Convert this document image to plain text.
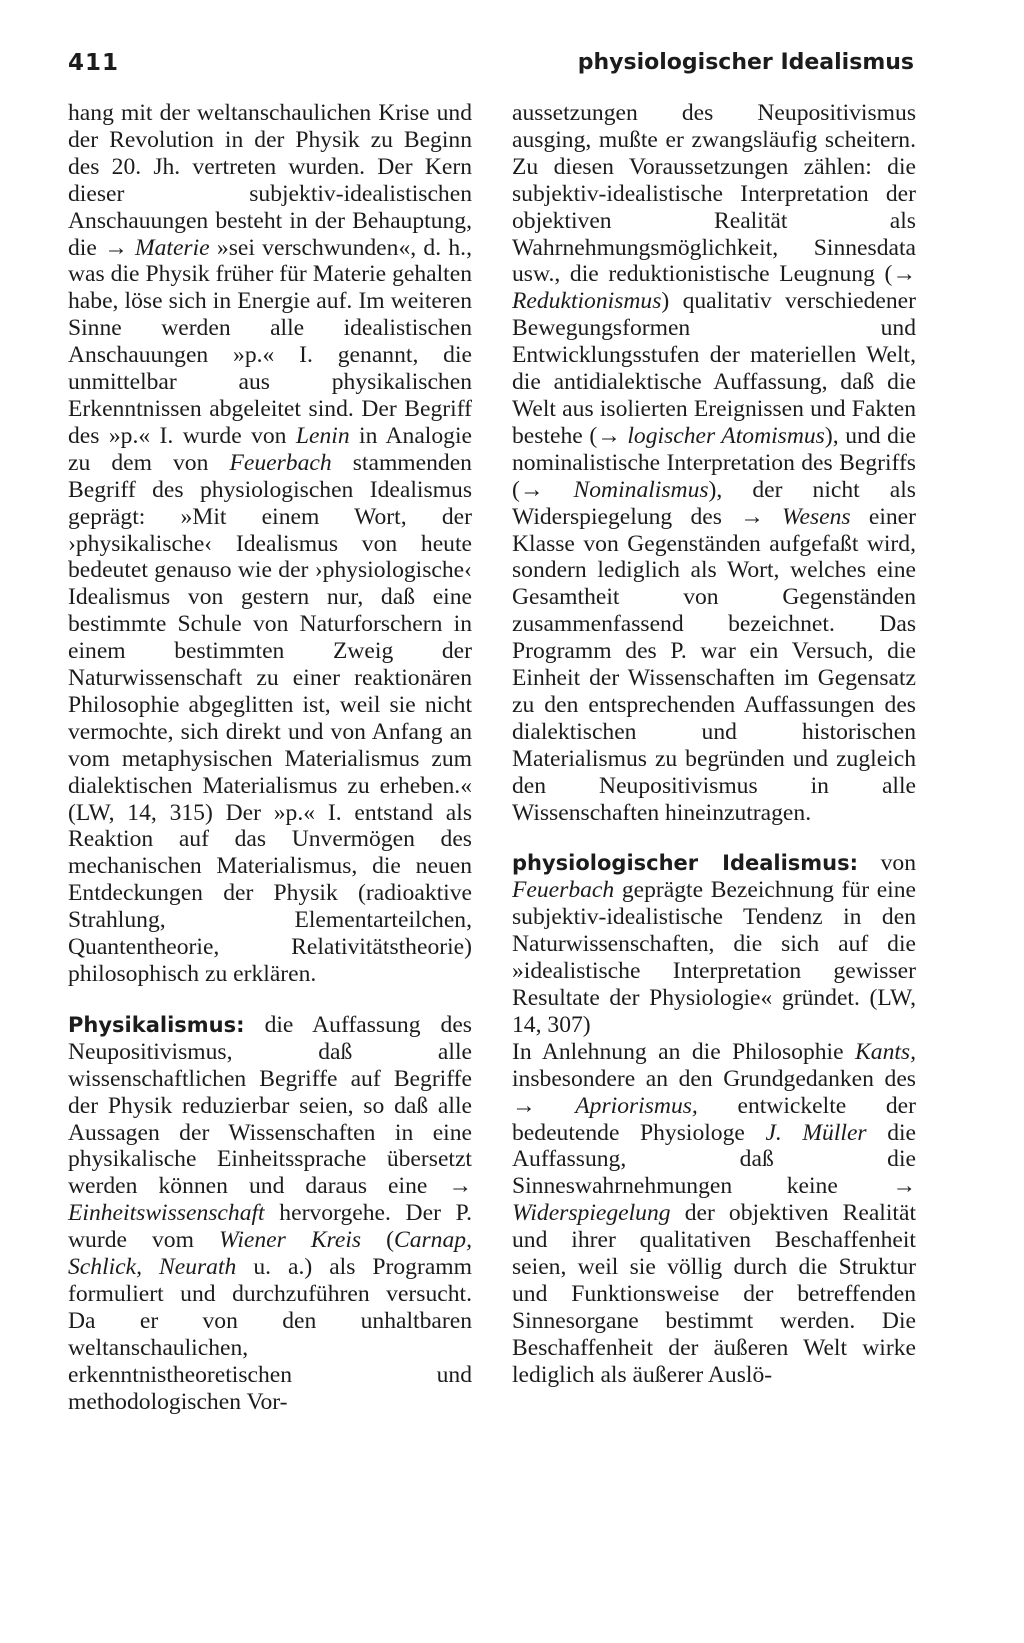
411	physiologischer Idealismus

hang mit der weltanschaulichen Krise und der Revolution in der Physik zu Beginn des 20. Jh. vertreten wurden. Der Kern dieser subjektiv-idealistischen Anschauungen besteht in der Behauptung, die → Materie »sei verschwunden«, d. h., was die Physik früher für Materie gehalten habe, löse sich in Energie auf. Im weiteren Sinne werden alle idealistischen Anschauungen »p.« I. genannt, die unmittelbar aus physikalischen Erkenntnissen abgeleitet sind. Der Begriff des »p.« I. wurde von Lenin in Analogie zu dem von Feuerbach stammenden Begriff des physiologischen Idealismus geprägt: »Mit einem Wort, der ›physikalische‹ Idealismus von heute bedeutet genauso wie der ›physiologische‹ Idealismus von gestern nur, daß eine bestimmte Schule von Naturforschern in einem bestimmten Zweig der Naturwissenschaft zu einer reaktionären Philosophie abgeglitten ist, weil sie nicht vermochte, sich direkt und von Anfang an vom metaphysischen Materialismus zum dialektischen Materialismus zu erheben.« (LW, 14, 315) Der »p.« I. entstand als Reaktion auf das Unvermögen des mechanischen Materialismus, die neuen Entdeckungen der Physik (radioaktive Strahlung, Elementarteilchen, Quantentheorie, Relativitätstheorie) philosophisch zu erklären.

Physikalismus: die Auffassung des Neupositivismus, daß alle wissenschaftlichen Begriffe auf Begriffe der Physik reduzierbar seien, so daß alle Aussagen der Wissenschaften in eine physikalische Einheitssprache übersetzt werden können und daraus eine → Einheitswissenschaft hervorgehe. Der P. wurde vom Wiener Kreis (Carnap, Schlick, Neurath u. a.) als Programm formuliert und durchzuführen versucht. Da er von den unhaltbaren weltanschaulichen, erkenntnistheoretischen und methodologischen Vor-

aussetzungen des Neupositivismus ausging, mußte er zwangsläufig scheitern. Zu diesen Voraussetzungen zählen: die subjektiv-idealistische Interpretation der objektiven Realität als Wahrnehmungsmöglichkeit, Sinnesdata usw., die reduktionistische Leugnung (→ Reduktionismus) qualitativ verschiedener Bewegungsformen und Entwicklungsstufen der materiellen Welt, die antidialektische Auffassung, daß die Welt aus isolierten Ereignissen und Fakten bestehe (→ logischer Atomismus), und die nominalistische Interpretation des Begriffs (→ Nominalismus), der nicht als Widerspiegelung des → Wesens einer Klasse von Gegenständen aufgefaßt wird, sondern lediglich als Wort, welches eine Gesamtheit von Gegenständen zusammenfassend bezeichnet. Das Programm des P. war ein Versuch, die Einheit der Wissenschaften im Gegensatz zu den entsprechenden Auffassungen des dialektischen und historischen Materialismus zu begründen und zugleich den Neupositivismus in alle Wissenschaften hineinzutragen.

physiologischer Idealismus: von Feuerbach geprägte Bezeichnung für eine subjektiv-idealistische Tendenz in den Naturwissenschaften, die sich auf die »idealistische Interpretation gewisser Resultate der Physiologie« gründet. (LW, 14, 307)

In Anlehnung an die Philosophie Kants, insbesondere an den Grundgedanken des → Apriorismus, entwickelte der bedeutende Physiologe J. Müller die Auffassung, daß die Sinneswahrnehmungen keine → Widerspiegelung der objektiven Realität und ihrer qualitativen Beschaffenheit seien, weil sie völlig durch die Struktur und Funktionsweise der betreffenden Sinnesorgane bestimmt werden. Die Beschaffenheit der äußeren Welt wirke lediglich als äußerer Auslö-
